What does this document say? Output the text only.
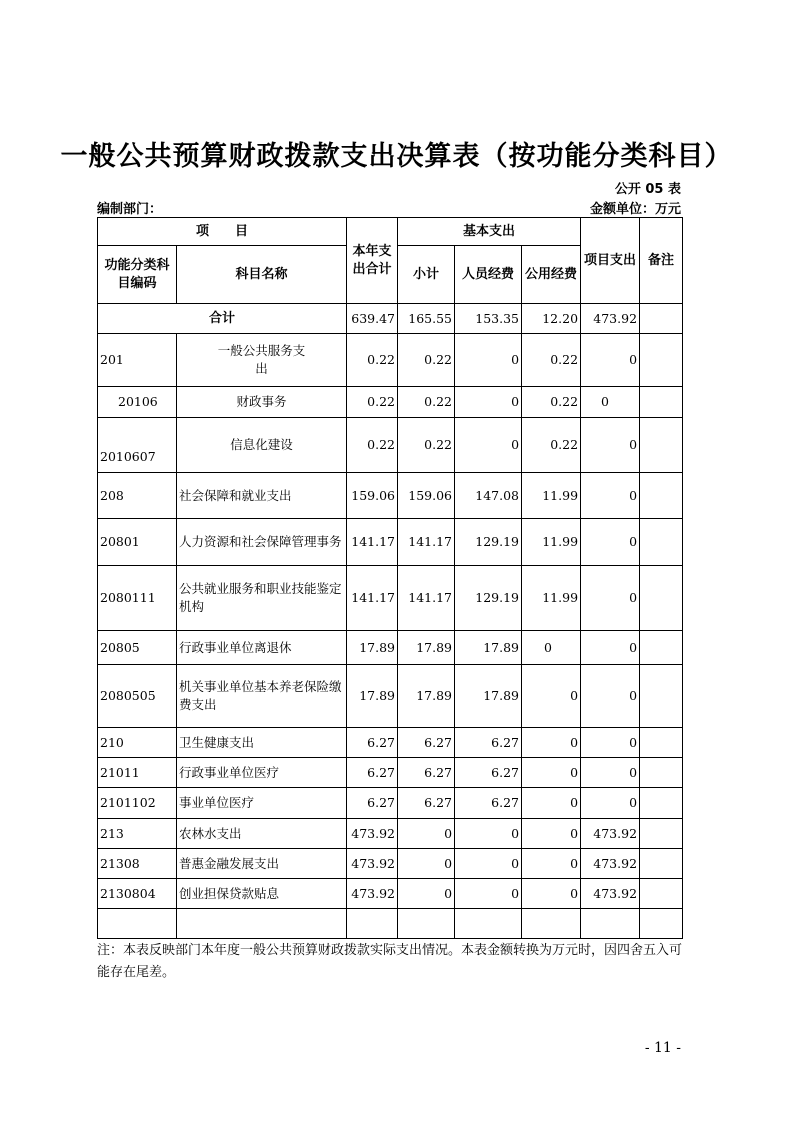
一般公共预算财政拨款支出决算表（按功能分类科目）
公开 05 表
编制部门：	金额单位：万元
项　　目		本年支出合计	基本支出			项目支出	备注
功能分类科目编码	科目名称		小计	人员经费	公用经费		
合计		639.47	165.55	153.35	12.20	473.92	
201	一般公共服务支出	0.22	0.22	0	0.22	0	
20106	财政事务	0.22	0.22	0	0.22	0	
2010607	信息化建设	0.22	0.22	0	0.22	0	
208	社会保障和就业支出	159.06	159.06	147.08	11.99	0	
20801	人力资源和社会保障管理事务	141.17	141.17	129.19	11.99	0	
2080111	公共就业服务和职业技能鉴定机构	141.17	141.17	129.19	11.99	0	
20805	行政事业单位离退休	17.89	17.89	17.89	0	0	
2080505	机关事业单位基本养老保险缴费支出	17.89	17.89	17.89	0	0	
210	卫生健康支出	6.27	6.27	6.27	0	0	
21011	行政事业单位医疗	6.27	6.27	6.27	0	0	
2101102	事业单位医疗	6.27	6.27	6.27	0	0	
213	农林水支出	473.92	0	0	0	473.92	
21308	普惠金融发展支出	473.92	0	0	0	473.92	
2130804	创业担保贷款贴息	473.92	0	0	0	473.92	

注：本表反映部门本年度一般公共预算财政拨款实际支出情况。本表金额转换为万元时，因四舍五入可能存在尾差。
- 11 -
